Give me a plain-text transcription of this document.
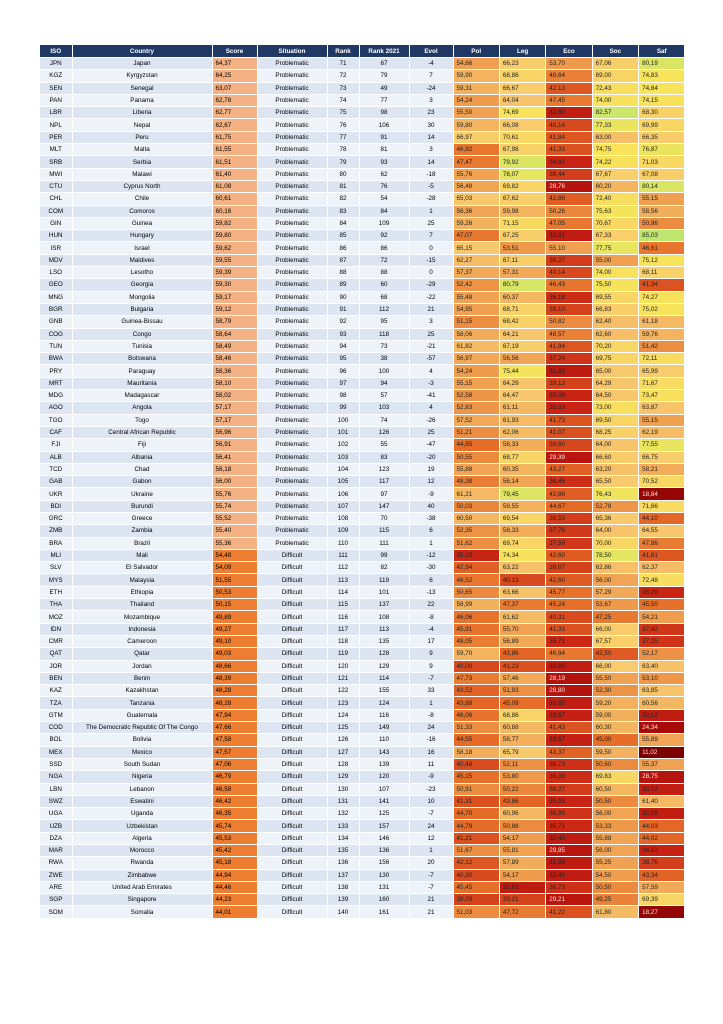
ISO	Country	Score	Situation	Rank	Rank 2021	Evol	Pol	Leg	Eco	Soc	Saf
JPN	Japan	64,37	Problematic	71	67	-4	54,66	66,23	53,70	67,06	80,19
KGZ	Kyrgyzstan	64,25	Problematic	72	79	7	59,90	68,86	48,64	69,00	74,83
SEN	Senegal	63,07	Problematic	73	49	-24	59,31	66,67	42,13	72,43	74,84
PAN	Panama	62,78	Problematic	74	77	3	54,24	64,04	47,45	74,00	74,15
LBR	Liberia	62,77	Problematic	75	98	23	55,50	74,69	32,80	82,57	68,30
NPL	Nepal	62,67	Problematic	76	106	30	59,80	66,08	40,14	77,33	69,99
PER	Peru	61,75	Problematic	77	91	14	66,97	70,61	41,84	63,00	66,35
MLT	Malta	61,55	Problematic	78	81	3	46,82	67,98	41,33	74,75	76,87
SRB	Serbia	61,51	Problematic	79	93	14	47,47	79,92	34,92	74,22	71,03
MWI	Malawi	61,40	Problematic	80	62	-18	55,76	78,07	38,44	67,67	67,08
CTU	Cyprus North	61,08	Problematic	81	76	-5	56,48	69,82	28,76	60,20	80,14
CHL	Chile	60,61	Problematic	82	54	-28	65,03	67,62	42,86	72,40	55,15
COM	Comoros	60,16	Problematic	83	84	1	56,36	59,98	50,26	75,63	58,56
GIN	Guinea	59,82	Problematic	84	109	25	59,26	71,15	47,05	70,67	50,96
HUN	Hungary	59,80	Problematic	85	92	7	47,07	67,25	32,31	67,33	85,03
ISR	Israel	59,62	Problematic	86	86	0	65,15	53,51	55,10	77,75	46,61
MDV	Maldives	59,55	Problematic	87	72	-15	62,27	67,11	38,27	55,00	75,12
LSO	Lesotho	59,39	Problematic	88	88	0	57,37	57,31	40,14	74,00	68,11
GEO	Georgia	59,30	Problematic	89	60	-29	52,42	80,79	46,43	75,50	41,34
MNG	Mongolia	59,17	Problematic	90	68	-22	55,48	60,37	36,18	69,55	74,27
BGR	Bulgaria	59,12	Problematic	91	112	21	54,95	68,71	39,10	66,83	75,02
GNB	Guinea-Bissau	58,79	Problematic	92	95	3	51,15	68,42	50,82	62,40	61,18
COG	Congo	58,64	Problematic	93	118	25	58,06	64,21	48,57	62,60	59,76
TUN	Tunisia	58,49	Problematic	94	73	-21	61,82	67,19	41,84	70,20	51,42
BWA	Botswana	58,46	Problematic	95	38	-57	56,97	56,56	37,24	69,75	72,11
PRY	Paraguay	58,36	Problematic	96	100	4	54,24	75,44	31,32	65,00	65,99
MRT	Mauritania	58,10	Problematic	97	94	-3	55,15	64,29	39,13	64,29	71,67
MDG	Madagascar	58,02	Problematic	98	57	-41	52,58	64,47	35,08	64,50	73,47
AGO	Angola	57,17	Problematic	99	103	4	52,83	61,11	35,03	73,00	63,87
TGO	Togo	57,17	Problematic	100	74	-26	57,52	61,93	41,73	69,50	55,15
CAF	Central African Republic	56,96	Problematic	101	126	25	51,21	62,06	41,07	68,25	62,19
FJI	Fiji	56,91	Problematic	102	55	-47	44,85	58,33	39,80	64,00	77,55
ALB	Albania	56,41	Problematic	103	83	-20	50,55	68,77	29,39	66,60	66,75
TCD	Chad	56,18	Problematic	104	123	19	55,88	60,35	43,27	63,20	58,21
GAB	Gabon	56,00	Problematic	105	117	12	48,38	56,14	36,46	65,50	70,52
UKR	Ukraine	55,76	Problematic	106	97	-9	61,21	79,45	42,86	76,43	18,84
BDI	Burundi	55,74	Problematic	107	147	40	50,03	59,55	44,67	52,78	71,66
GRC	Greece	55,52	Problematic	108	70	-38	60,50	69,54	38,53	65,36	44,10
ZMB	Zambia	55,40	Problematic	109	115	6	52,35	58,33	37,76	64,00	64,55
BRA	Brazil	55,36	Problematic	110	111	1	51,62	69,74	37,59	70,00	47,86
MLI	Mali	54,48	Difficult	111	99	-12	35,15	74,34	42,60	78,50	41,81
SLV	El Salvador	54,09	Difficult	112	82	-30	42,94	63,22	39,07	62,86	62,37
MYS	Malaysia	51,55	Difficult	113	119	6	46,52	40,13	42,60	56,00	72,48
ETH	Ethiopia	50,53	Difficult	114	101	-13	50,65	63,66	45,77	57,29	35,29
THA	Thailand	50,15	Difficult	115	137	22	58,99	47,37	45,24	53,67	45,50
MOZ	Mozambique	49,89	Difficult	116	108	-8	46,06	61,62	40,31	47,25	54,21
IDN	Indonesia	49,27	Difficult	117	113	-4	45,91	55,70	41,33	66,00	37,42
CMR	Cameroon	49,10	Difficult	118	135	17	48,05	56,89	35,71	67,57	37,25
QAT	Qatar	49,03	Difficult	119	128	9	59,70	43,86	46,94	42,50	52,17
JOR	Jordan	48,66	Difficult	120	129	9	40,00	41,23	32,65	66,00	63,40
BEN	Benin	48,39	Difficult	121	114	-7	47,73	57,46	28,19	55,50	53,10
KAZ	Kazakhstan	48,28	Difficult	122	155	33	43,52	51,93	28,80	52,30	63,85
TZA	Tanzania	48,28	Difficult	123	124	1	43,88	45,09	32,65	59,20	60,56
GTM	Guatemala	47,94	Difficult	124	116	-8	46,06	68,86	33,67	59,00	32,12
COD	The Democratic Republic Of The Congo	47,66	Difficult	125	149	24	51,33	60,88	41,43	60,30	24,34
BOL	Bolivia	47,58	Difficult	126	110	-16	44,55	58,77	33,67	45,00	55,89
MEX	Mexico	47,57	Difficult	127	143	16	58,18	65,79	43,37	59,50	11,02
SSD	South Sudan	47,06	Difficult	128	139	11	40,48	52,11	36,73	50,60	55,37
NGA	Nigeria	46,79	Difficult	129	120	-9	45,15	53,80	36,39	69,83	28,75
LBN	Lebanon	46,58	Difficult	130	107	-23	50,91	50,22	38,27	60,50	33,02
SWZ	Eswatini	46,42	Difficult	131	141	10	41,31	43,86	35,03	50,50	61,40
UGA	Uganda	46,35	Difficult	132	125	-7	44,70	60,96	36,99	56,00	33,09
UZB	Uzbekistan	45,74	Difficult	133	157	24	44,79	50,88	35,71	53,33	44,03
DZA	Algeria	45,53	Difficult	134	146	12	41,21	54,17	32,40	55,88	44,02
MAR	Morocco	45,42	Difficult	135	136	1	51,67	55,81	29,85	56,00	34,82
RWA	Rwanda	45,18	Difficult	136	156	20	42,12	57,89	31,89	55,25	38,76
ZWE	Zimbabwe	44,94	Difficult	137	130	-7	40,30	54,17	32,40	54,50	43,34
ARE	United Arab Emirates	44,46	Difficult	138	131	-7	45,45	32,02	36,73	50,50	57,59
SGP	Singapore	44,23	Difficult	139	160	21	39,09	39,21	29,21	49,25	69,39
SOM	Somalia	44,01	Difficult	140	161	21	51,03	47,72	41,22	61,80	18,27
